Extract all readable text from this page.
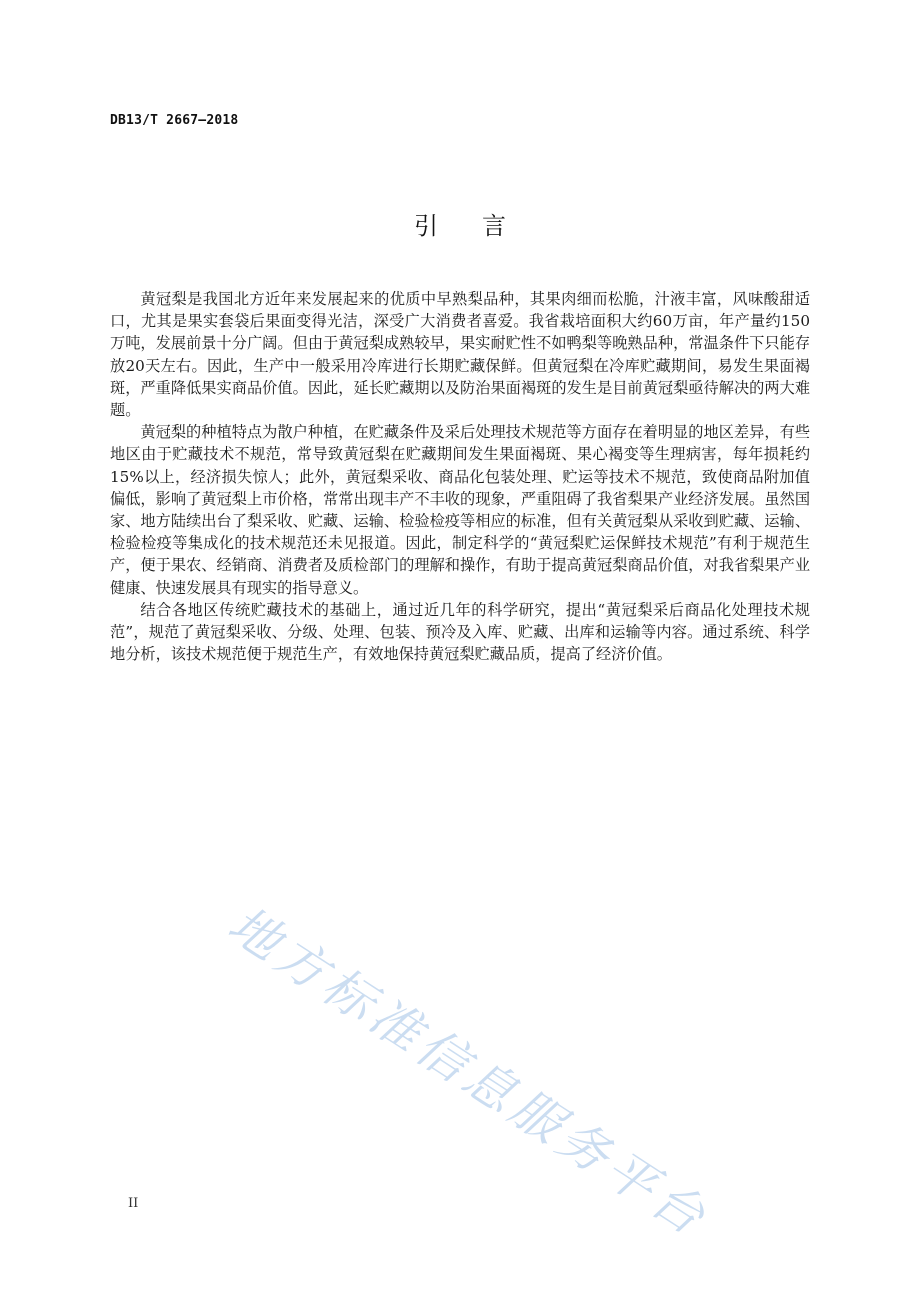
DB13/T 2667—2018
引言

黄冠梨是我国北方近年来发展起来的优质中早熟梨品种，其果肉细而松脆，汁液丰富，风味酸甜适口，尤其是果实套袋后果面变得光洁，深受广大消费者喜爱。我省栽培面积大约60万亩，年产量约150万吨，发展前景十分广阔。但由于黄冠梨成熟较早，果实耐贮性不如鸭梨等晚熟品种，常温条件下只能存放20天左右。因此，生产中一般采用冷库进行长期贮藏保鲜。但黄冠梨在冷库贮藏期间，易发生果面褐斑，严重降低果实商品价值。因此，延长贮藏期以及防治果面褐斑的发生是目前黄冠梨亟待解决的两大难题。

黄冠梨的种植特点为散户种植，在贮藏条件及采后处理技术规范等方面存在着明显的地区差异，有些地区由于贮藏技术不规范，常导致黄冠梨在贮藏期间发生果面褐斑、果心褐变等生理病害，每年损耗约15%以上，经济损失惊人；此外，黄冠梨采收、商品化包装处理、贮运等技术不规范，致使商品附加值偏低，影响了黄冠梨上市价格，常常出现丰产不丰收的现象，严重阻碍了我省梨果产业经济发展。虽然国家、地方陆续出台了梨采收、贮藏、运输、检验检疫等相应的标准，但有关黄冠梨从采收到贮藏、运输、检验检疫等集成化的技术规范还未见报道。因此，制定科学的“黄冠梨贮运保鲜技术规范”有利于规范生产，便于果农、经销商、消费者及质检部门的理解和操作，有助于提高黄冠梨商品价值，对我省梨果产业健康、快速发展具有现实的指导意义。

结合各地区传统贮藏技术的基础上，通过近几年的科学研究，提出“黄冠梨采后商品化处理技术规范”，规范了黄冠梨采收、分级、处理、包装、预冷及入库、贮藏、出库和运输等内容。通过系统、科学地分析，该技术规范便于规范生产，有效地保持黄冠梨贮藏品质，提高了经济价值。

地方标准信息服务平台
II
